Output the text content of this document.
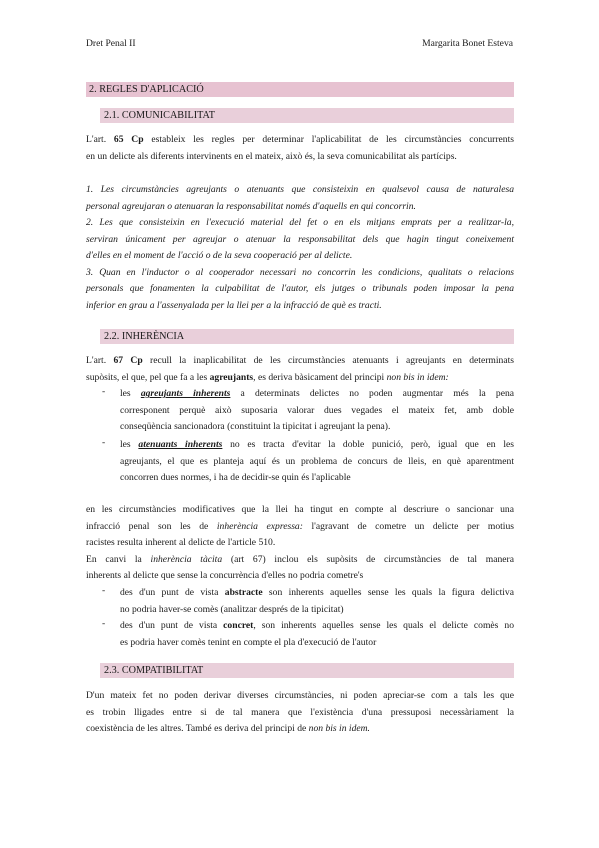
Dret Penal II	Margarita Bonet Esteva
2. REGLES D'APLICACIÓ
2.1. COMUNICABILITAT
L'art. 65 Cp estableix les regles per determinar l'aplicabilitat de les circumstàncies concurrents
en un delicte als diferents intervinents en el mateix, això és, la seva comunicabilitat als partícips.
1. Les circumstàncies agreujants o atenuants que consisteixin en qualsevol causa de naturalesa
personal agreujaran o atenuaran la responsabilitat només d'aquells en qui concorrin.
2. Les que consisteixin en l'execució material del fet o en els mitjans emprats per a realitzar-la,
serviran únicament per agreujar o atenuar la responsabilitat dels que hagin tingut coneixement
d'elles en el moment de l'acció o de la seva cooperació per al delicte.
3. Quan en l'inductor o al cooperador necessari no concorrin les condicions, qualitats o relacions
personals que fonamenten la culpabilitat de l'autor, els jutges o tribunals poden imposar la pena
inferior en grau a l'assenyalada per la llei per a la infracció de què es tracti.
2.2. INHERÈNCIA
L'art. 67 Cp recull la inaplicabilitat de les circumstàncies atenuants i agreujants en determinats
supòsits, el que, pel que fa a les agreujants, es deriva bàsicament del principi non bis in idem:
-	les agreujants inherents a determinats delictes no poden augmentar més la pena
corresponent perquè això suposaria valorar dues vegades el mateix fet, amb doble
conseqüència sancionadora (constituint la tipicitat i agreujant la pena).
-	les atenuants inherents no es tracta d'evitar la doble punició, però, igual que en les
agreujants, el que es planteja aquí és un problema de concurs de lleis, en què aparentment
concorren dues normes, i ha de decidir-se quin és l'aplicable
en les circumstàncies modificatives que la llei ha tingut en compte al descriure o sancionar una
infracció penal son les de inherència expressa: l'agravant de cometre un delicte per motius
racistes resulta inherent al delicte de l'article 510.
En canvi la inherència tàcita (art 67) inclou els supòsits de circumstàncies de tal manera
inherents al delicte que sense la concurrència d'elles no podria cometre's
-	des d'un punt de vista abstracte son inherents aquelles sense les quals la figura delictiva
no podria haver-se comès (analitzar després de la tipicitat)
-	des d'un punt de vista concret, son inherents aquelles sense les quals el delicte comès no
es podria haver comès tenint en compte el pla d'execució de l'autor
2.3. COMPATIBILITAT
D'un mateix fet no poden derivar diverses circumstàncies, ni poden apreciar-se com a tals les que
es trobin lligades entre si de tal manera que l'existència d'una pressuposi necessàriament la
coexistència de les altres. També es deriva del principi de non bis in idem.
